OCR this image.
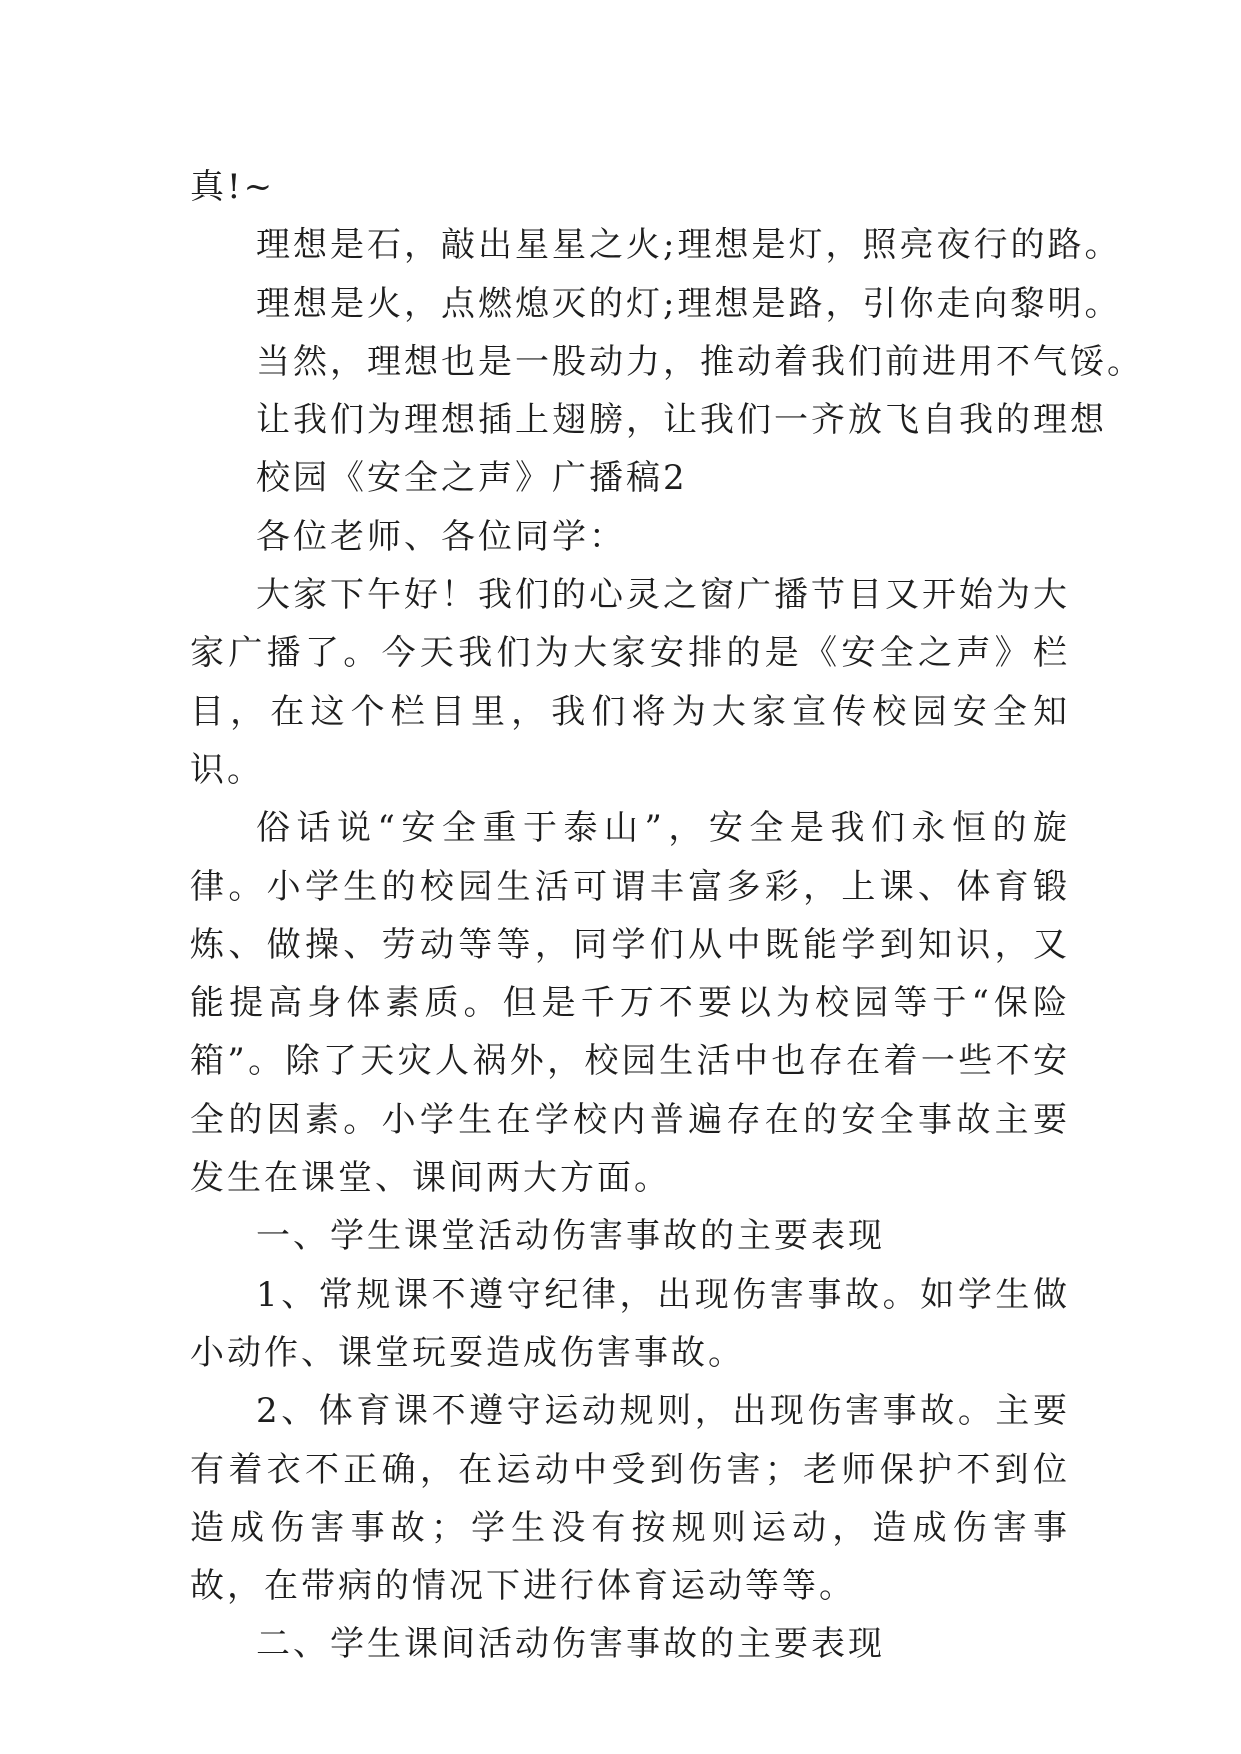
真!~

理想是石，敲出星星之火;理想是灯，照亮夜行的路。

理想是火，点燃熄灭的灯;理想是路，引你走向黎明。

当然，理想也是一股动力，推动着我们前进用不气馁。

让我们为理想插上翅膀，让我们一齐放飞自我的理想

校园《安全之声》广播稿2

各位老师、各位同学：

大家下午好！我们的心灵之窗广播节目又开始为大家广播了。今天我们为大家安排的是《安全之声》栏目，在这个栏目里，我们将为大家宣传校园安全知识。

俗话说“安全重于泰山”，安全是我们永恒的旋律。小学生的校园生活可谓丰富多彩，上课、体育锻炼、做操、劳动等等，同学们从中既能学到知识，又能提高身体素质。但是千万不要以为校园等于“保险箱”。除了天灾人祸外，校园生活中也存在着一些不安全的因素。小学生在学校内普遍存在的安全事故主要发生在课堂、课间两大方面。

一、学生课堂活动伤害事故的主要表现

1、常规课不遵守纪律，出现伤害事故。如学生做小动作、课堂玩耍造成伤害事故。

2、体育课不遵守运动规则，出现伤害事故。主要有着衣不正确，在运动中受到伤害；老师保护不到位造成伤害事故；学生没有按规则运动，造成伤害事故，在带病的情况下进行体育运动等等。

二、学生课间活动伤害事故的主要表现
